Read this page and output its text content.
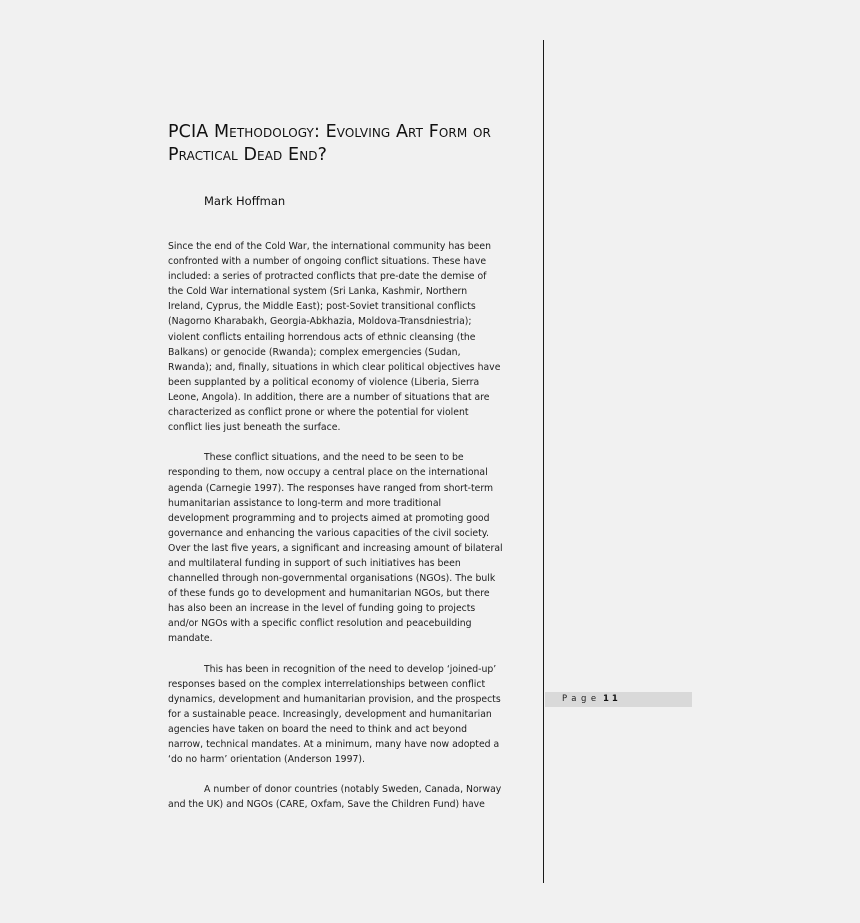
PCIA Methodology: Evolving Art Form or Practical Dead End?
Mark Hoffman

Since the end of the Cold War, the international community has been confronted with a number of ongoing conflict situations. These have included: a series of protracted conflicts that pre-date the demise of the Cold War international system (Sri Lanka, Kashmir, Northern Ireland, Cyprus, the Middle East); post-Soviet transitional conflicts (Nagorno Kharabakh, Georgia-Abkhazia, Moldova-Transdniestria); violent conflicts entailing horrendous acts of ethnic cleansing (the Balkans) or genocide (Rwanda); complex emergencies (Sudan, Rwanda); and, finally, situations in which clear political objectives have been supplanted by a political economy of violence (Liberia, Sierra Leone, Angola). In addition, there are a number of situations that are characterized as conflict prone or where the potential for violent conflict lies just beneath the surface.

These conflict situations, and the need to be seen to be responding to them, now occupy a central place on the international agenda (Carnegie 1997). The responses have ranged from short-term humanitarian assistance to long-term and more traditional development programming and to projects aimed at promoting good governance and enhancing the various capacities of the civil society. Over the last five years, a significant and increasing amount of bilateral and multilateral funding in support of such initiatives has been channelled through non-governmental organisations (NGOs). The bulk of these funds go to development and humanitarian NGOs, but there has also been an increase in the level of funding going to projects and/or NGOs with a specific conflict resolution and peacebuilding mandate.

This has been in recognition of the need to develop ‘joined-up’ responses based on the complex interrelationships between conflict dynamics, development and humanitarian provision, and the prospects for a sustainable peace. Increasingly, development and humanitarian agencies have taken on board the need to think and act beyond narrow, technical mandates. At a minimum, many have now adopted a ‘do no harm’ orientation (Anderson 1997).

A number of donor countries (notably Sweden, Canada, Norway and the UK) and NGOs (CARE, Oxfam, Save the Children Fund) have

Page 11
